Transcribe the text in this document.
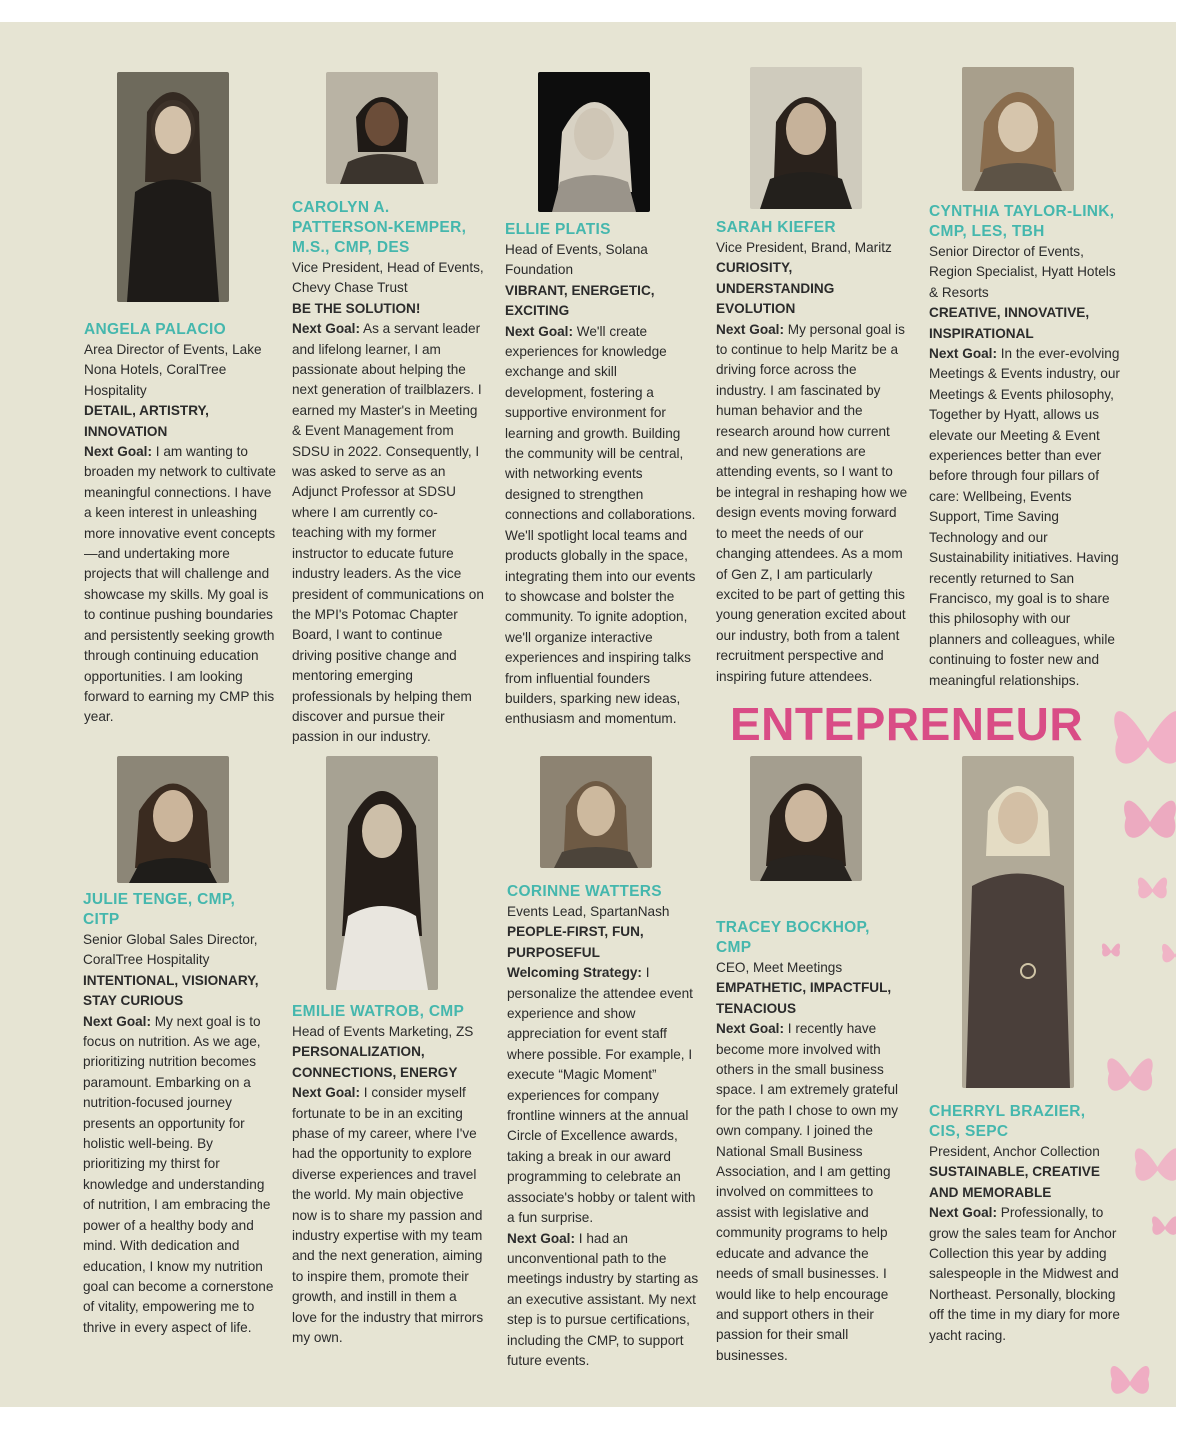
ENTEPRENEUR
ANGELA PALACIO

Area Director of Events, Lake Nona Hotels, CoralTree Hospitality

DETAIL, ARTISTRY, INNOVATION

Next Goal: I am wanting to broaden my network to cultivate meaningful connections. I have a keen interest in unleashing more innovative event concepts—and undertaking more projects that will challenge and showcase my skills. My goal is to continue pushing boundaries and persistently seeking growth through continuing education opportunities. I am looking forward to earning my CMP this year.

CAROLYN A. PATTERSON-KEMPER, M.S., CMP, DES

Vice President, Head of Events, Chevy Chase Trust

BE THE SOLUTION!

Next Goal: As a servant leader and lifelong learner, I am passionate about helping the next generation of trailblazers. I earned my Master's in Meeting & Event Management from SDSU in 2022. Consequently, I was asked to serve as an Adjunct Professor at SDSU where I am currently co-teaching with my former instructor to educate future industry leaders. As the vice president of communications on the MPI's Potomac Chapter Board, I want to continue driving positive change and mentoring emerging professionals by helping them discover and pursue their passion in our industry.

ELLIE PLATIS

Head of Events, Solana Foundation

VIBRANT, ENERGETIC, EXCITING

Next Goal: We'll create experiences for knowledge exchange and skill development, fostering a supportive environment for learning and growth. Building the community will be central, with networking events designed to strengthen connections and collaborations. We'll spotlight local teams and products globally in the space, integrating them into our events to showcase and bolster the community. To ignite adoption, we'll organize interactive experiences and inspiring talks from influential founders builders, sparking new ideas, enthusiasm and momentum.

SARAH KIEFER

Vice President, Brand, Maritz

CURIOSITY, UNDERSTANDING EVOLUTION

Next Goal: My personal goal is to continue to help Maritz be a driving force across the industry. I am fascinated by human behavior and the research around how current and new generations are attending events, so I want to be integral in reshaping how we design events moving forward to meet the needs of our changing attendees. As a mom of Gen Z, I am particularly excited to be part of getting this young generation excited about our industry, both from a talent recruitment perspective and inspiring future attendees.

CYNTHIA TAYLOR-LINK, CMP, LES, TBH

Senior Director of Events, Region Specialist, Hyatt Hotels & Resorts

CREATIVE, INNOVATIVE, INSPIRATIONAL

Next Goal: In the ever-evolving Meetings & Events industry, our Meetings & Events philosophy, Together by Hyatt, allows us elevate our Meeting & Event experiences better than ever before through four pillars of care: Wellbeing, Events Support, Time Saving Technology and our Sustainability initiatives. Having recently returned to San Francisco, my goal is to share this philosophy with our planners and colleagues, while continuing to foster new and meaningful relationships.

JULIE TENGE, CMP, CITP

Senior Global Sales Director, CoralTree Hospitality

INTENTIONAL, VISIONARY, STAY CURIOUS

Next Goal: My next goal is to focus on nutrition. As we age, prioritizing nutrition becomes paramount. Embarking on a nutrition-focused journey presents an opportunity for holistic well-being. By prioritizing my thirst for knowledge and understanding of nutrition, I am embracing the power of a healthy body and mind. With dedication and education, I know my nutrition goal can become a cornerstone of vitality, empowering me to thrive in every aspect of life.

EMILIE WATROB, CMP

Head of Events Marketing, ZS

PERSONALIZATION, CONNECTIONS, ENERGY

Next Goal: I consider myself fortunate to be in an exciting phase of my career, where I've had the opportunity to explore diverse experiences and travel the world. My main objective now is to share my passion and industry expertise with my team and the next generation, aiming to inspire them, promote their growth, and instill in them a love for the industry that mirrors my own.

CORINNE WATTERS

Events Lead, SpartanNash

PEOPLE-FIRST, FUN, PURPOSEFUL

Welcoming Strategy: I personalize the attendee event experience and show appreciation for event staff where possible. For example, I execute “Magic Moment” experiences for company frontline winners at the annual Circle of Excellence awards, taking a break in our award programming to celebrate an associate's hobby or talent with a fun surprise.
Next Goal: I had an unconventional path to the meetings industry by starting as an executive assistant. My next step is to pursue certifications, including the CMP, to support future events.

TRACEY BOCKHOP, CMP

CEO, Meet Meetings

EMPATHETIC, IMPACTFUL, TENACIOUS

Next Goal: I recently have become more involved with others in the small business space. I am extremely grateful for the path I chose to own my own company. I joined the National Small Business Association, and I am getting involved on committees to assist with legislative and community programs to help educate and advance the needs of small businesses. I would like to help encourage and support others in their passion for their small businesses.

CHERRYL BRAZIER, CIS, SEPC

President, Anchor Collection

SUSTAINABLE, CREATIVE AND MEMORABLE

Next Goal: Professionally, to grow the sales team for Anchor Collection this year by adding salespeople in the Midwest and Northeast. Personally, blocking off the time in my diary for more yacht racing.
